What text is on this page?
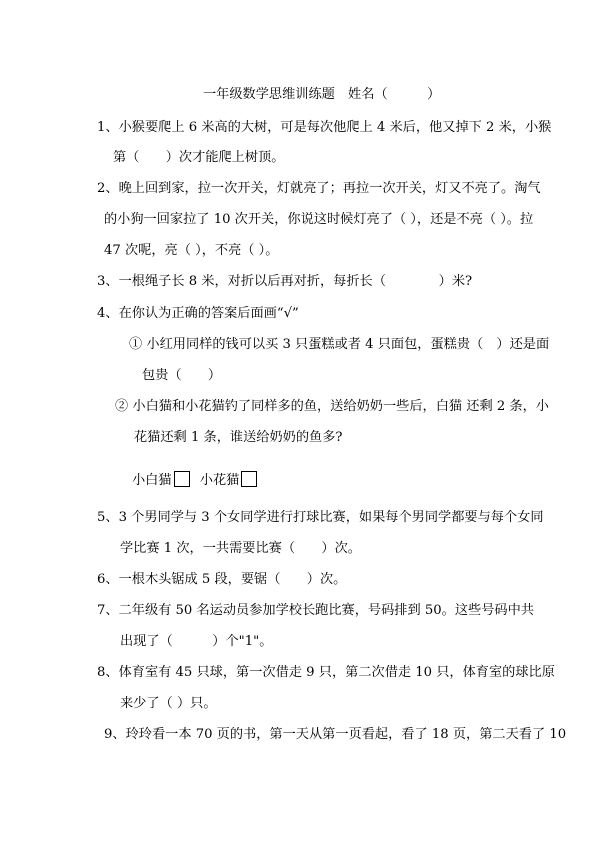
一年级数学思维训练题　姓名（　　　）
1、小猴要爬上 6 米高的大树，可是每次他爬上 4 米后，他又掉下 2 米，小猴
第（　　）次才能爬上树顶。
2、晚上回到家，拉一次开关，灯就亮了；再拉一次开关，灯又不亮了。淘气
的小狗一回家拉了 10 次开关，你说这时候灯亮了（ ），还是不亮（ ）。拉
47 次呢，亮（ ），不亮（ ）。
3、一根绳子长 8 米，对折以后再对折，每折长（　　　　）米?
4、在你认为正确的答案后面画“√”
① 小红用同样的钱可以买 3 只蛋糕或者 4 只面包，蛋糕贵（　）还是面
包贵（　　）
② 小白猫和小花猫钓了同样多的鱼，送给奶奶一些后，白猫 还剩 2 条，小
花猫还剩 1 条，谁送给奶奶的鱼多?
小白猫 小花猫
5、3 个男同学与 3 个女同学进行打球比赛，如果每个男同学都要与每个女同
学比赛 1 次，一共需要比赛（　　）次。
6、一根木头锯成 5 段，要锯（　　）次。
7、二年级有 50 名运动员参加学校长跑比赛，号码排到 50。这些号码中共
出现了（　　　）个"1"。
8、体育室有 45 只球，第一次借走 9 只，第二次借走 10 只，体育室的球比原
来少了（ ）只。
9、玲玲看一本 70 页的书，第一天从第一页看起，看了 18 页，第二天看了 10
